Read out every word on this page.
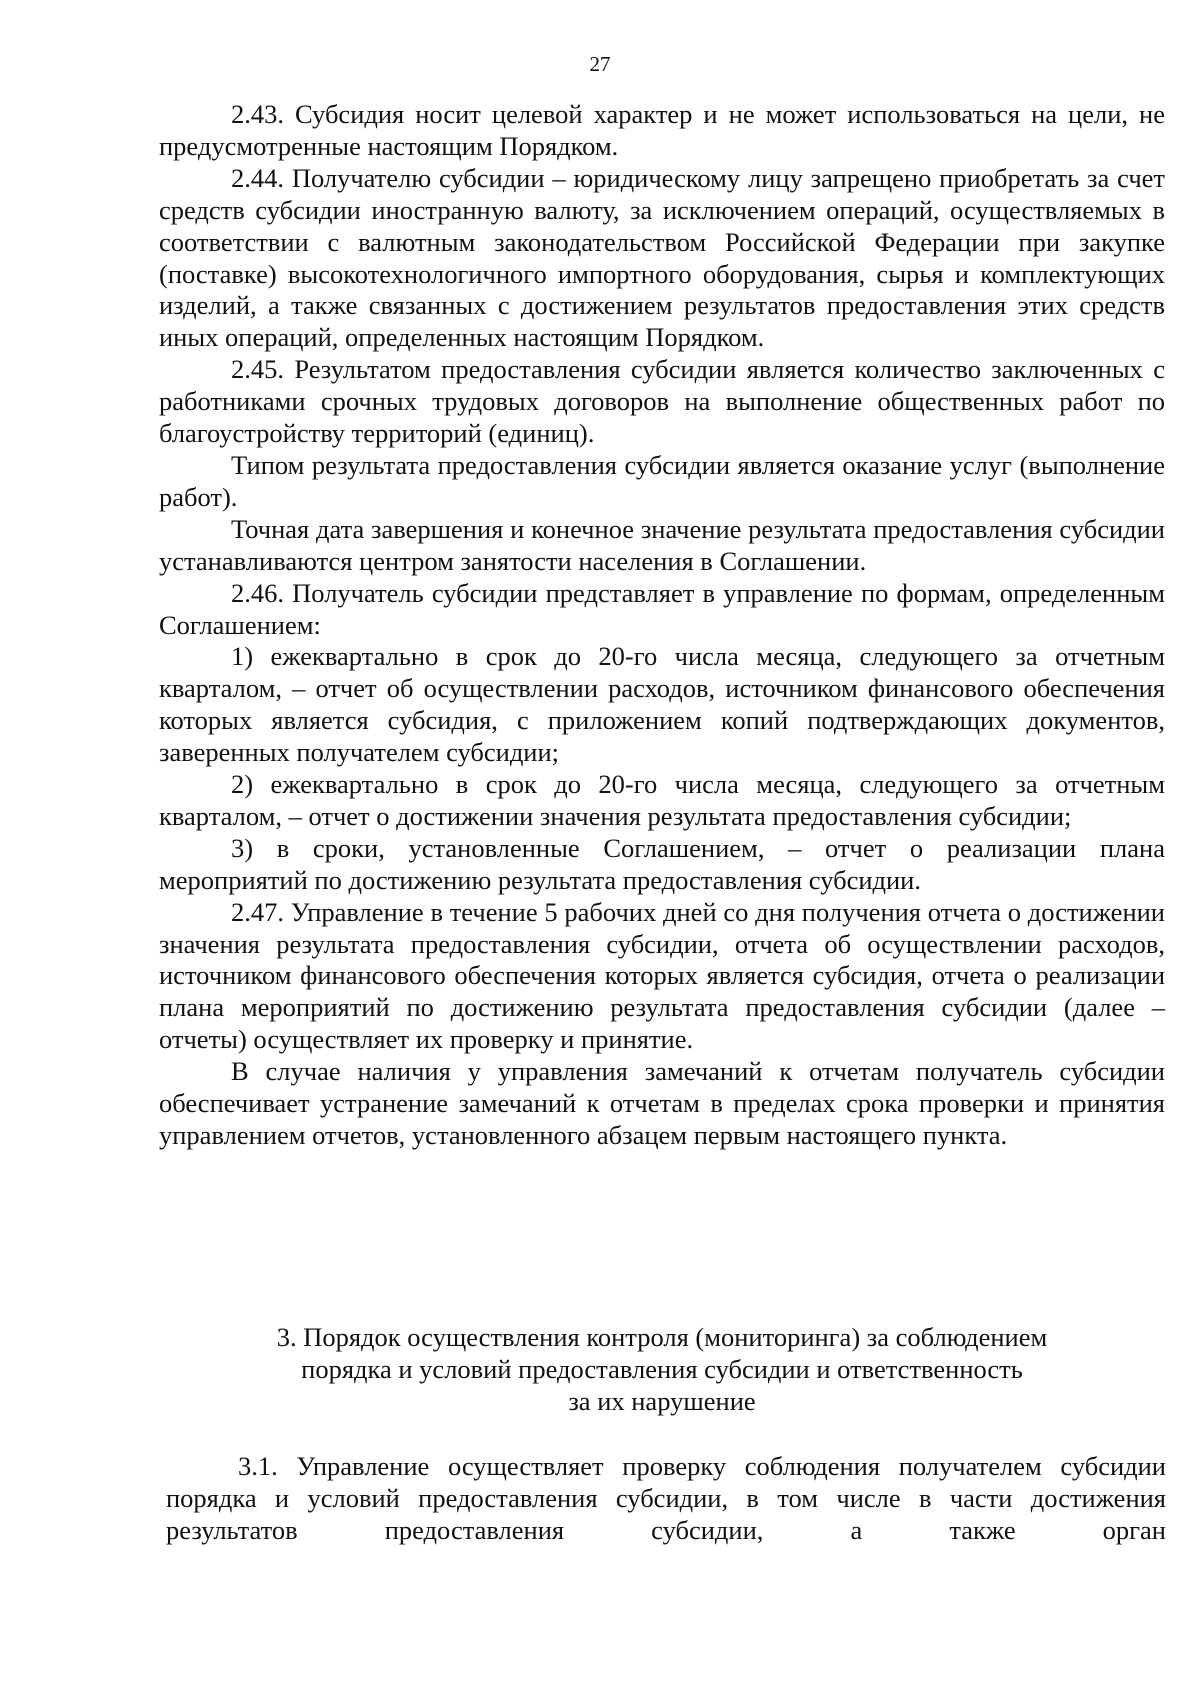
27

2.43. Субсидия носит целевой характер и не может использоваться на цели, не предусмотренные настоящим Порядком.

2.44. Получателю субсидии – юридическому лицу запрещено приобретать за счет средств субсидии иностранную валюту, за исключением операций, осуществляемых в соответствии с валютным законодательством Российской Федерации при закупке (поставке) высокотехнологичного импортного оборудования, сырья и комплектующих изделий, а также связанных с достижением результатов предоставления этих средств иных операций, определенных настоящим Порядком.

2.45. Результатом предоставления субсидии является количество заключенных с работниками срочных трудовых договоров на выполнение общественных работ по благоустройству территорий (единиц).

Типом результата предоставления субсидии является оказание услуг (выполнение работ).

Точная дата завершения и конечное значение результата предоставления субсидии устанавливаются центром занятости населения в Соглашении.

2.46. Получатель субсидии представляет в управление по формам, определенным Соглашением:

1) ежеквартально в срок до 20-го числа месяца, следующего за отчетным кварталом, – отчет об осуществлении расходов, источником финансового обеспечения которых является субсидия, с приложением копий подтверждающих документов, заверенных получателем субсидии;

2) ежеквартально в срок до 20-го числа месяца, следующего за отчетным кварталом, – отчет о достижении значения результата предоставления субсидии;

3) в сроки, установленные Соглашением, – отчет о реализации плана мероприятий по достижению результата предоставления субсидии.

2.47. Управление в течение 5 рабочих дней со дня получения отчета о достижении значения результата предоставления субсидии, отчета об осуществлении расходов, источником финансового обеспечения которых является субсидия, отчета о реализации плана мероприятий по достижению результата предоставления субсидии (далее – отчеты) осуществляет их проверку и принятие.

В случае наличия у управления замечаний к отчетам получатель субсидии обеспечивает устранение замечаний к отчетам в пределах срока проверки и принятия управлением отчетов, установленного абзацем первым настоящего пункта.

3. Порядок осуществления контроля (мониторинга) за соблюдением
порядка и условий предоставления субсидии и ответственность
за их нарушение

3.1. Управление осуществляет проверку соблюдения получателем субсидии порядка и условий предоставления субсидии, в том числе в части достижения результатов предоставления субсидии, а также орган
